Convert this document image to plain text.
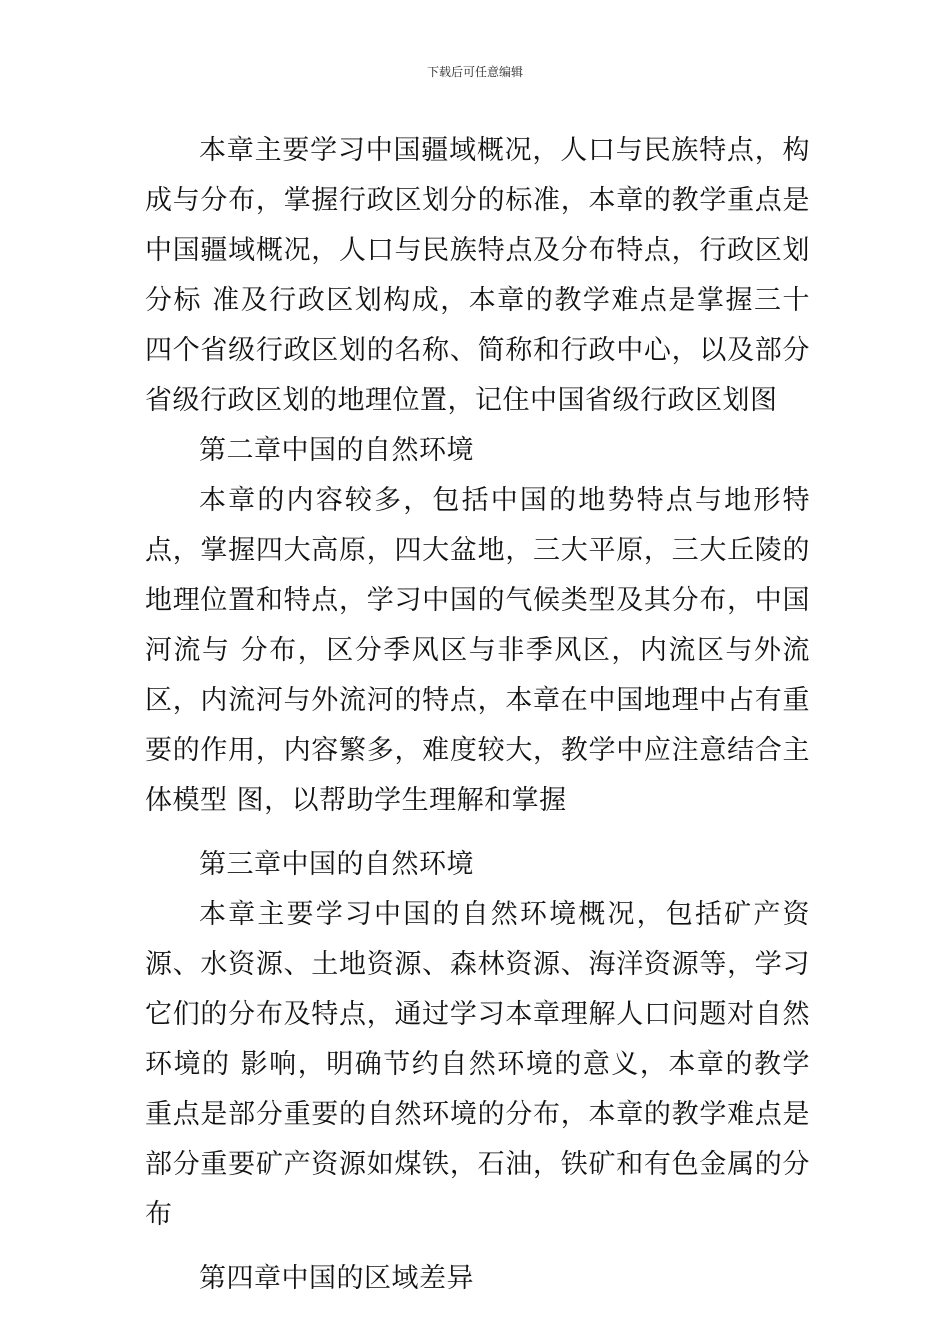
下载后可任意编辑

本章主要学习中国疆域概况，人口与民族特点，构成与分布，掌握行政区划分的标准，本章的教学重点是中国疆域概况，人口与民族特点及分布特点，行政区划分标 准及行政区划构成，本章的教学难点是掌握三十四个省级行政区划的名称、简称和行政中心，以及部分省级行政区划的地理位置，记住中国省级行政区划图

第二章中国的自然环境

本章的内容较多，包括中国的地势特点与地形特点，掌握四大高原，四大盆地，三大平原，三大丘陵的地理位置和特点，学习中国的气候类型及其分布，中国河流与 分布，区分季风区与非季风区，内流区与外流区，内流河与外流河的特点，本章在中国地理中占有重要的作用，内容繁多，难度较大，教学中应注意结合主体模型 图，以帮助学生理解和掌握

第三章中国的自然环境

本章主要学习中国的自然环境概况，包括矿产资源、水资源、土地资源、森林资源、海洋资源等，学习它们的分布及特点，通过学习本章理解人口问题对自然环境的 影响，明确节约自然环境的意义，本章的教学重点是部分重要的自然环境的分布，本章的教学难点是部分重要矿产资源如煤铁，石油，铁矿和有色金属的分布

第四章中国的区域差异
